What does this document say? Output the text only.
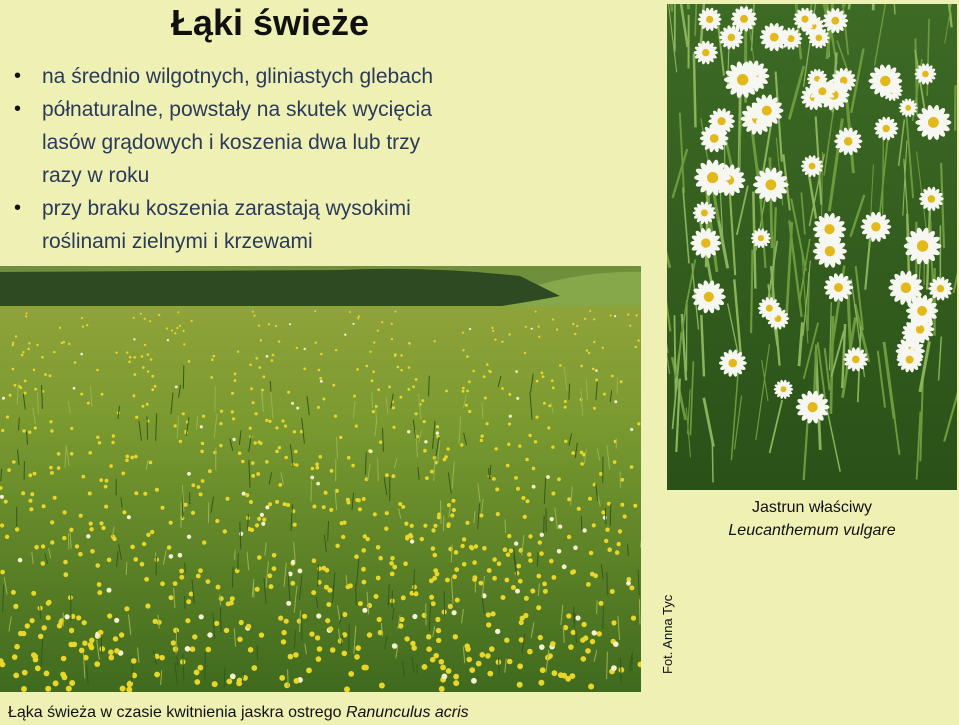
Łąki świeże
• na średnio wilgotnych, gliniastych glebach
• półnaturalne, powstały na skutek wycięcia
lasów grądowych i koszenia dwa lub trzy
razy w roku
• przy braku koszenia zarastają wysokimi
roślinami zielnymi i krzewami
Jastrun właściwy
Leucanthemum vulgare
Fot. Anna Tyc
Łąka świeża w czasie kwitnienia jaskra ostrego Ranunculus acris
